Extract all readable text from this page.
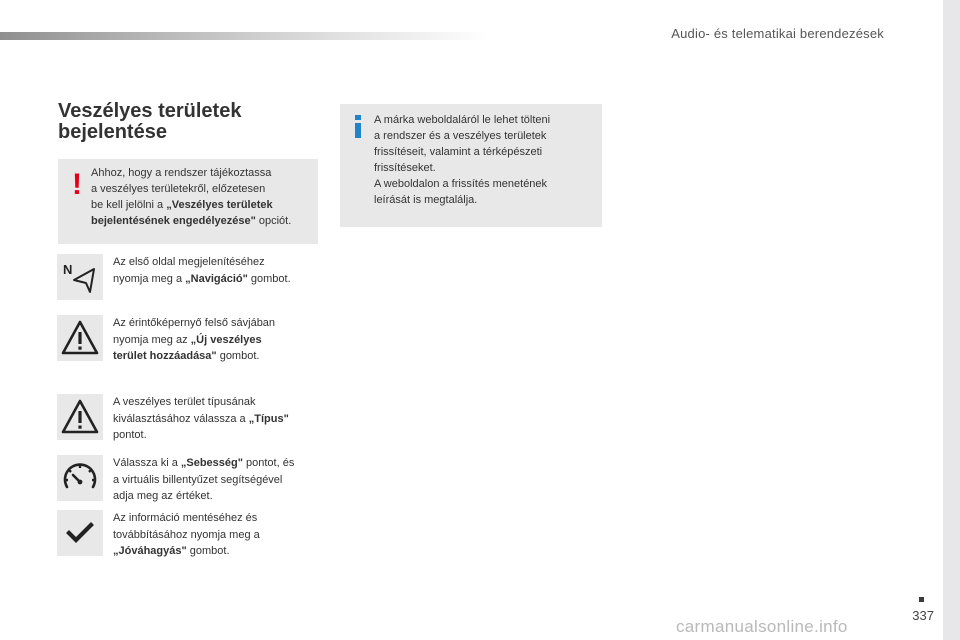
Audio- és telematikai berendezések
Veszélyes területek
bejelentése
! Ahhoz, hogy a rendszer tájékoztassa
a veszélyes területekről, előzetesen
be kell jelölni a „Veszélyes területek
bejelentésének engedélyezése" opciót.
A márka weboldaláról le lehet tölteni
a rendszer és a veszélyes területek
frissítéseit, valamint a térképészeti
frissítéseket.
A weboldalon a frissítés menetének
leírását is megtalálja.
N	Az első oldal megjelenítéséhez
nyomja meg a „Navigáció" gombot.
Az érintőképernyő felső sávjában
nyomja meg az „Új veszélyes
terület hozzáadása" gombot.
A veszélyes terület típusának
kiválasztásához válassza a „Típus"
pontot.
Válassza ki a „Sebesség" pontot, és
a virtuális billentyűzet segítségével
adja meg az értéket.
Az információ mentéséhez és
továbbításához nyomja meg a
„Jóváhagyás" gombot.
337
carmanualsonline.info
